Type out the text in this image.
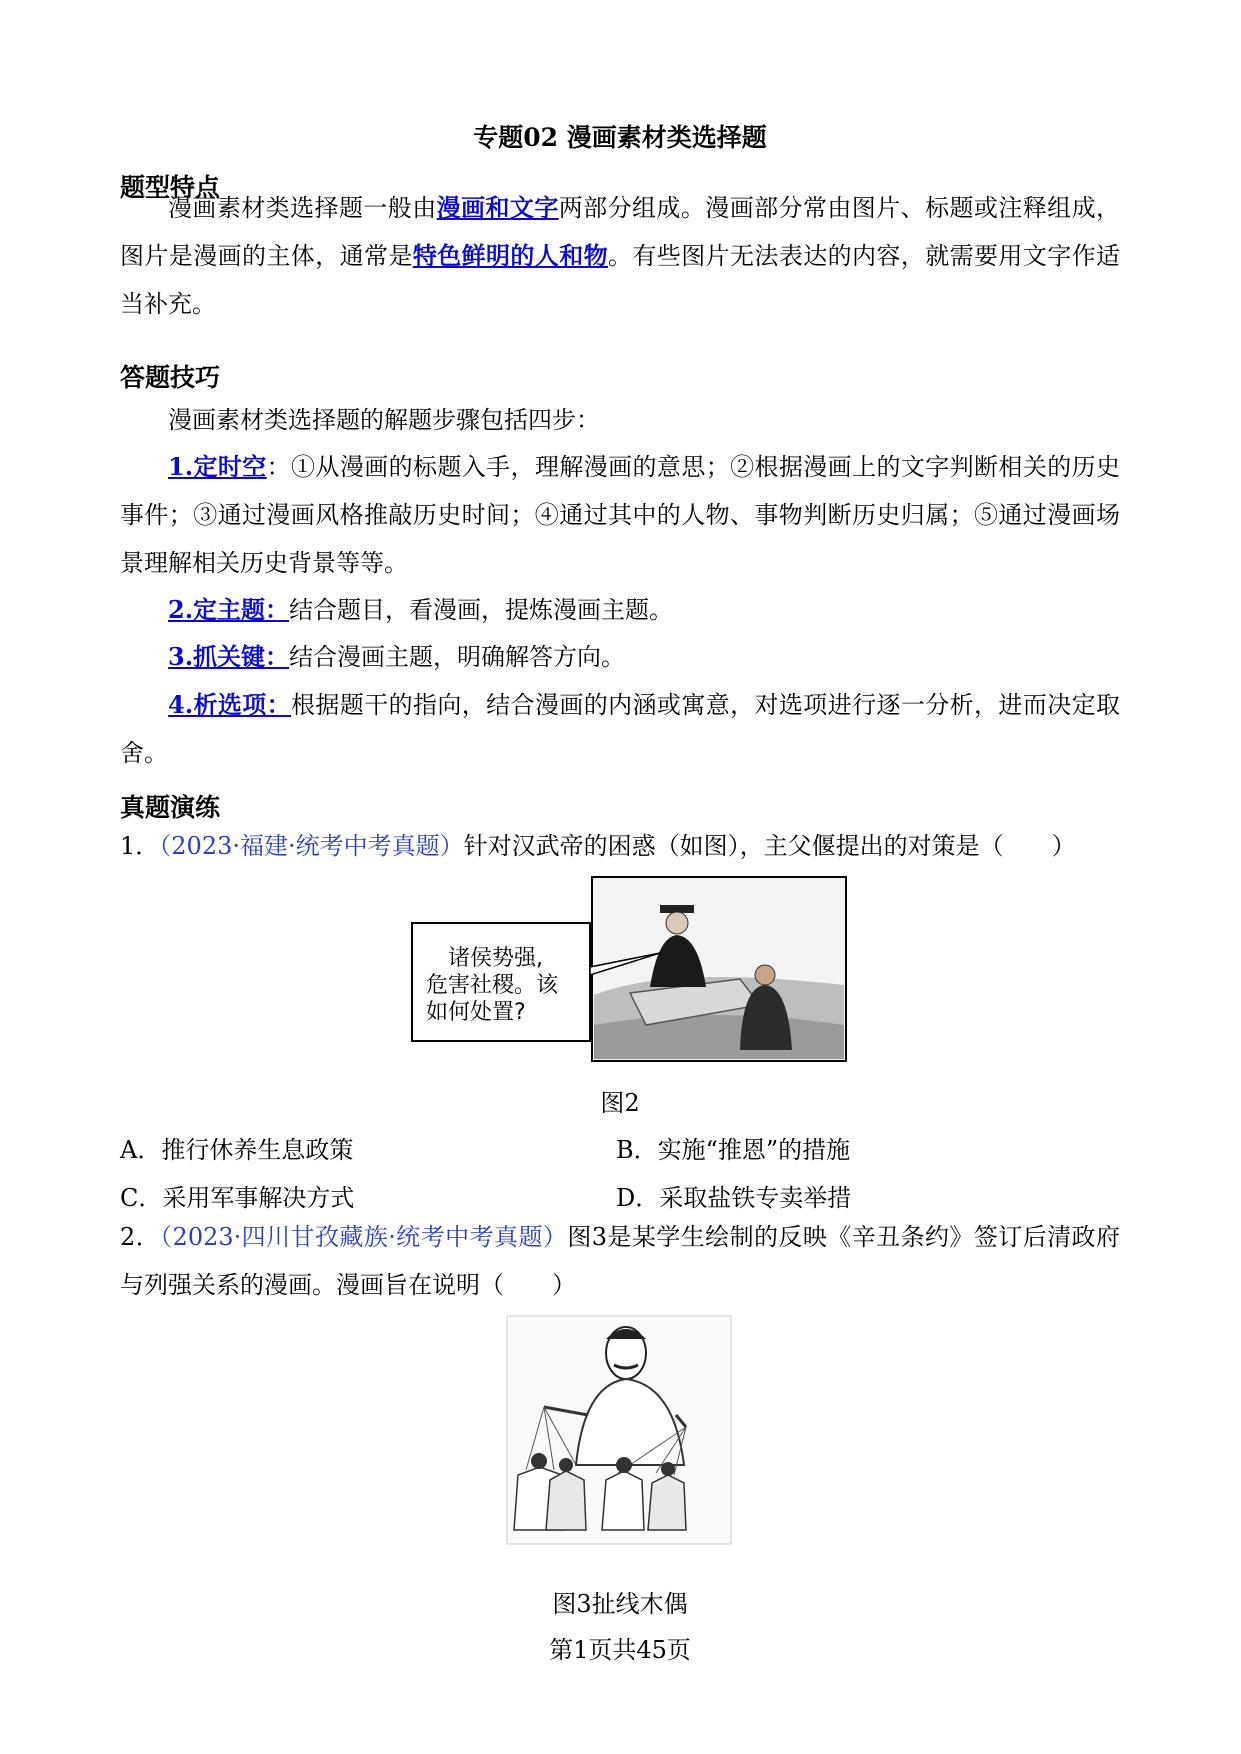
专题02 漫画素材类选择题
题型特点
漫画素材类选择题一般由漫画和文字两部分组成。漫画部分常由图片、标题或注释组成，图片是漫画的主体，通常是特色鲜明的人和物。有些图片无法表达的内容，就需要用文字作适当补充。
答题技巧
漫画素材类选择题的解题步骤包括四步：
1.定时空：①从漫画的标题入手，理解漫画的意思；②根据漫画上的文字判断相关的历史事件；③通过漫画风格推敲历史时间；④通过其中的人物、事物判断历史归属；⑤通过漫画场景理解相关历史背景等等。
2.定主题：结合题目，看漫画，提炼漫画主题。
3.抓关键：结合漫画主题，明确解答方向。
4.析选项：根据题干的指向，结合漫画的内涵或寓意，对选项进行逐一分析，进而决定取舍。
真题演练
1．（2023·福建·统考中考真题）针对汉武帝的困惑（如图），主父偃提出的对策是（　　）
诸侯势强,
危害社稷。该
如何处置?
图2
A．推行休养生息政策	B．实施“推恩”的措施
C．采用军事解决方式	D．采取盐铁专卖举措
2．（2023·四川甘孜藏族·统考中考真题）图3是某学生绘制的反映《辛丑条约》签订后清政府与列强关系的漫画。漫画旨在说明（　　）
图3扯线木偶
第1页共45页
